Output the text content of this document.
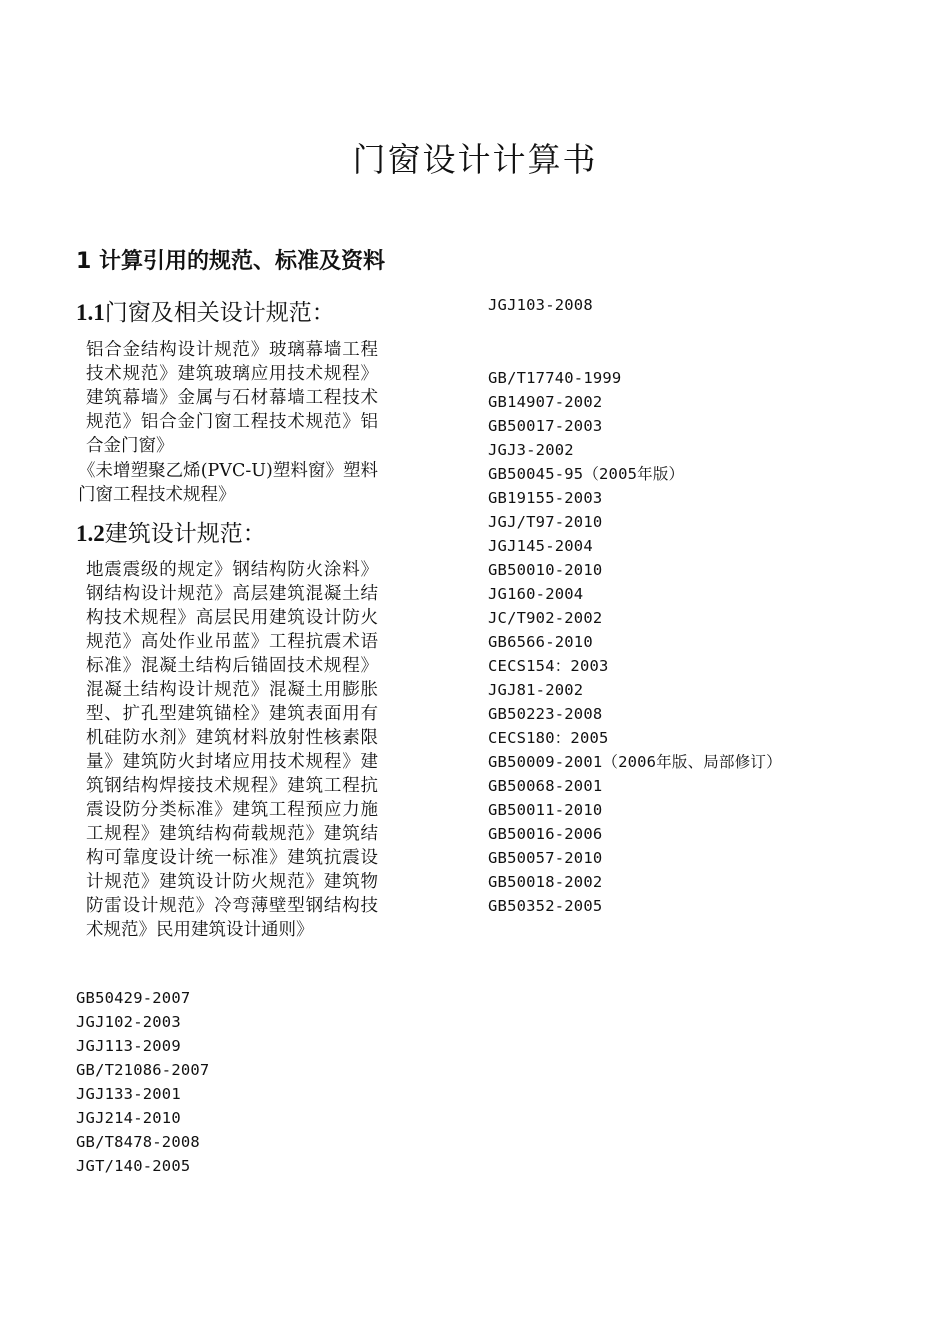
门窗设计计算书
1 计算引用的规范、标准及资料
1.1门窗及相关设计规范：

铝合金结构设计规范》玻璃幕墙工程技术规范》建筑玻璃应用技术规程》建筑幕墙》金属与石材幕墙工程技术规范》铝合金门窗工程技术规范》铝合金门窗》

《未增塑聚乙烯(PVC-U)塑料窗》塑料门窗工程技术规程》

1.2建筑设计规范：

地震震级的规定》钢结构防火涂料》钢结构设计规范》高层建筑混凝土结构技术规程》高层民用建筑设计防火规范》高处作业吊蓝》工程抗震术语标准》混凝土结构后锚固技术规程》混凝土结构设计规范》混凝土用膨胀型、扩孔型建筑锚栓》建筑表面用有机硅防水剂》建筑材料放射性核素限量》建筑防火封堵应用技术规程》建筑钢结构焊接技术规程》建筑工程抗震设防分类标准》建筑工程预应力施工规程》建筑结构荷载规范》建筑结构可靠度设计统一标准》建筑抗震设计规范》建筑设计防火规范》建筑物防雷设计规范》冷弯薄壁型钢结构技术规范》民用建筑设计通则》

GB50429-2007
JGJ102-2003
JGJ113-2009
GB/T21086-2007
JGJ133-2001
JGJ214-2010
GB/T8478-2008
JGT/140-2005
JGJ103-2008
GB/T17740-1999
GB14907-2002
GB50017-2003
JGJ3-2002
GB50045-95（2005年版）
GB19155-2003
JGJ/T97-2010
JGJ145-2004
GB50010-2010
JG160-2004
JC/T902-2002
GB6566-2010
CECS154：2003
JGJ81-2002
GB50223-2008
CECS180：2005
GB50009-2001（2006年版、局部修订）
GB50068-2001
GB50011-2010
GB50016-2006
GB50057-2010
GB50018-2002
GB50352-2005
